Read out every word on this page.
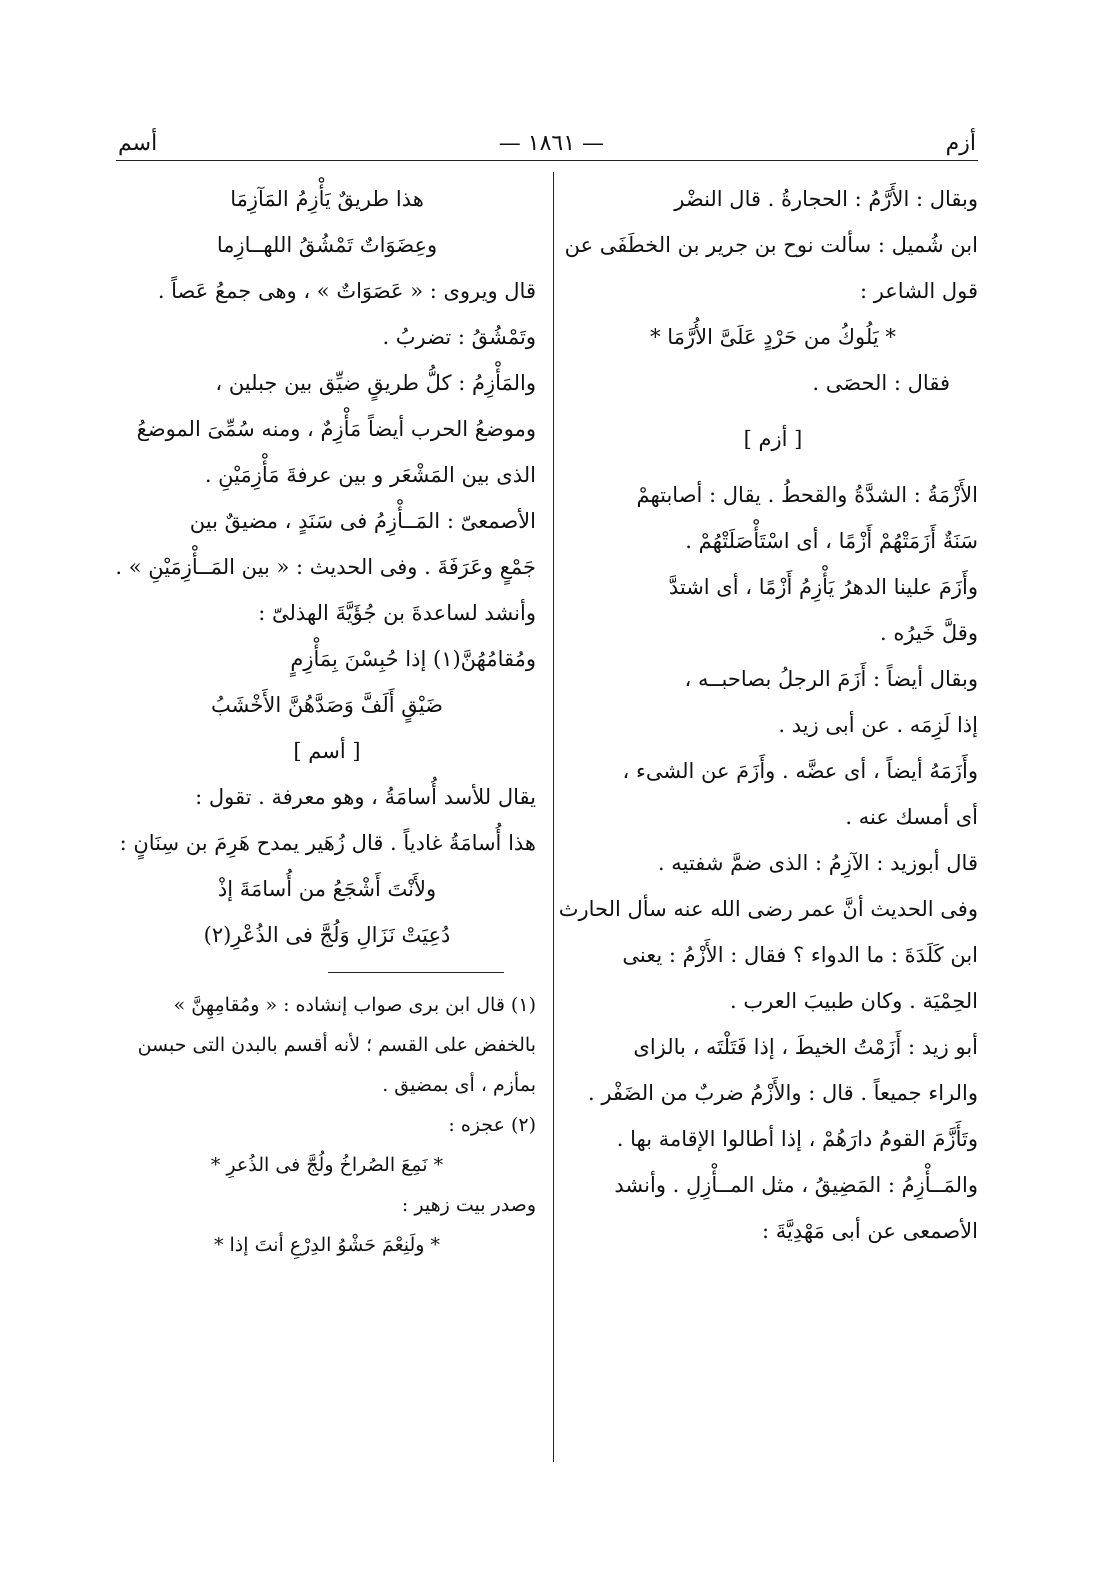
أسم	— ١٨٦١ —	أزم
وبقال : الأَرَّمُ : الحجارةُ . قال النضْر
ابن شُميل : سألت نوح بن جرير بن الخطَفَى عن
قول الشاعر :
* يَلُوكُ من حَرْدٍ عَلَىَّ الأُرَّمَا *
فقال : الحصَى .
[ أزم ]
الأَزْمَةُ : الشدَّةُ والقحطُ . يقال : أصابتهمْ
سَنَةٌ أَزَمَتْهُمْ أَزْمًا ، أى اسْتَأْصَلَتْهُمْ .
وأَزَمَ علينا الدهرُ يَأْزِمُ أَزْمًا ، أى اشتدَّ
وقلَّ خَيرُه .
وبقال أيضاً : أَزَمَ الرجلُ بصاحبــه ،
إذا لَزِمَه . عن أبى زيد .
وأَزَمَهُ أيضاً ، أى عضَّه . وأَزَمَ عن الشىء ،
أى أمسك عنه .
قال أبوزيد : الآزِمُ : الذى ضمَّ شفتيه .
وفى الحديث أنَّ عمر رضى الله عنه سأل الحارث
ابن كَلَدَةَ : ما الدواء ؟ فقال : الأَزْمُ : يعنى
الحِمْيَة . وكان طبيبَ العرب .
أبو زيد : أَزَمْتُ الخيطَ ، إذا فَتَلْتَه ، بالزاى
والراء جميعاً . قال : والأَزْمُ ضربٌ من الضَفْر .
وتَأَزَّمَ القومُ دارَهُمْ ، إذا أطالوا الإقامة بها .
والمَــأْزِمُ : المَضِيقُ ، مثل المــأْزِلِ . وأنشد
الأصمعى عن أبى مَهْدِيَّةَ :
هذا طريقٌ يَأْزِمُ المَآزِمَا
وعِضَوَاتٌ تَمْشُقُ اللهــازِما
قال ويروى : « عَصَوَاتٌ » ، وهى جمعُ عَصاً .
وتَمْشُقُ : تضربُ .
والمَأْزِمُ : كلُّ طريقٍ ضيِّق بين جبلين ،
وموضعُ الحرب أيضاً مَأْزِمٌ ، ومنه سُمِّىَ الموضعُ
الذى بين المَشْعَر و بين عرفةَ مَأْزِمَيْنِ .
الأصمعىّ : المَــأْزِمُ فى سَنَدٍ ، مضيقٌ بين
جَمْعٍ وعَرَفَةَ . وفى الحديث : « بين المَــأْزِمَيْنِ » .
وأنشد لساعدةَ بن جُؤَيَّةَ الهذلىّ :
ومُقامُهُنَّ(١) إذا حُبِسْنَ بِمَأْزِمٍ
ضَيْقٍ أَلَفَّ وَصَدَّهُنَّ الأَخْشَبُ
[ أسم ]
يقال للأسد أُسامَةُ ، وهو معرفة . تقول :
هذا أُسامَةُ غادياً . قال زُهَير يمدح هَرِمَ بن سِنَانٍ :
ولأَنْتَ أَشْجَعُ من أُسامَةَ إذْ
دُعِيَتْ نَزَالِ وَلُجَّ فى الذُعْرِ(٢)
(١) قال ابن برى صواب إنشاده : « ومُقامِهِنَّ »
بالخفض على القسم ؛ لأنه أقسم بالبدن التى حبسن
بمأزم ، أى بمضيق .
(٢) عجزه :
* نَمِعَ الصُراخُ ولُجَّ فى الذُعرِ *
وصدر بيت زهير :
* ولَنِعْمَ حَشْوُ الدِرْعِ أنتَ إذا *
